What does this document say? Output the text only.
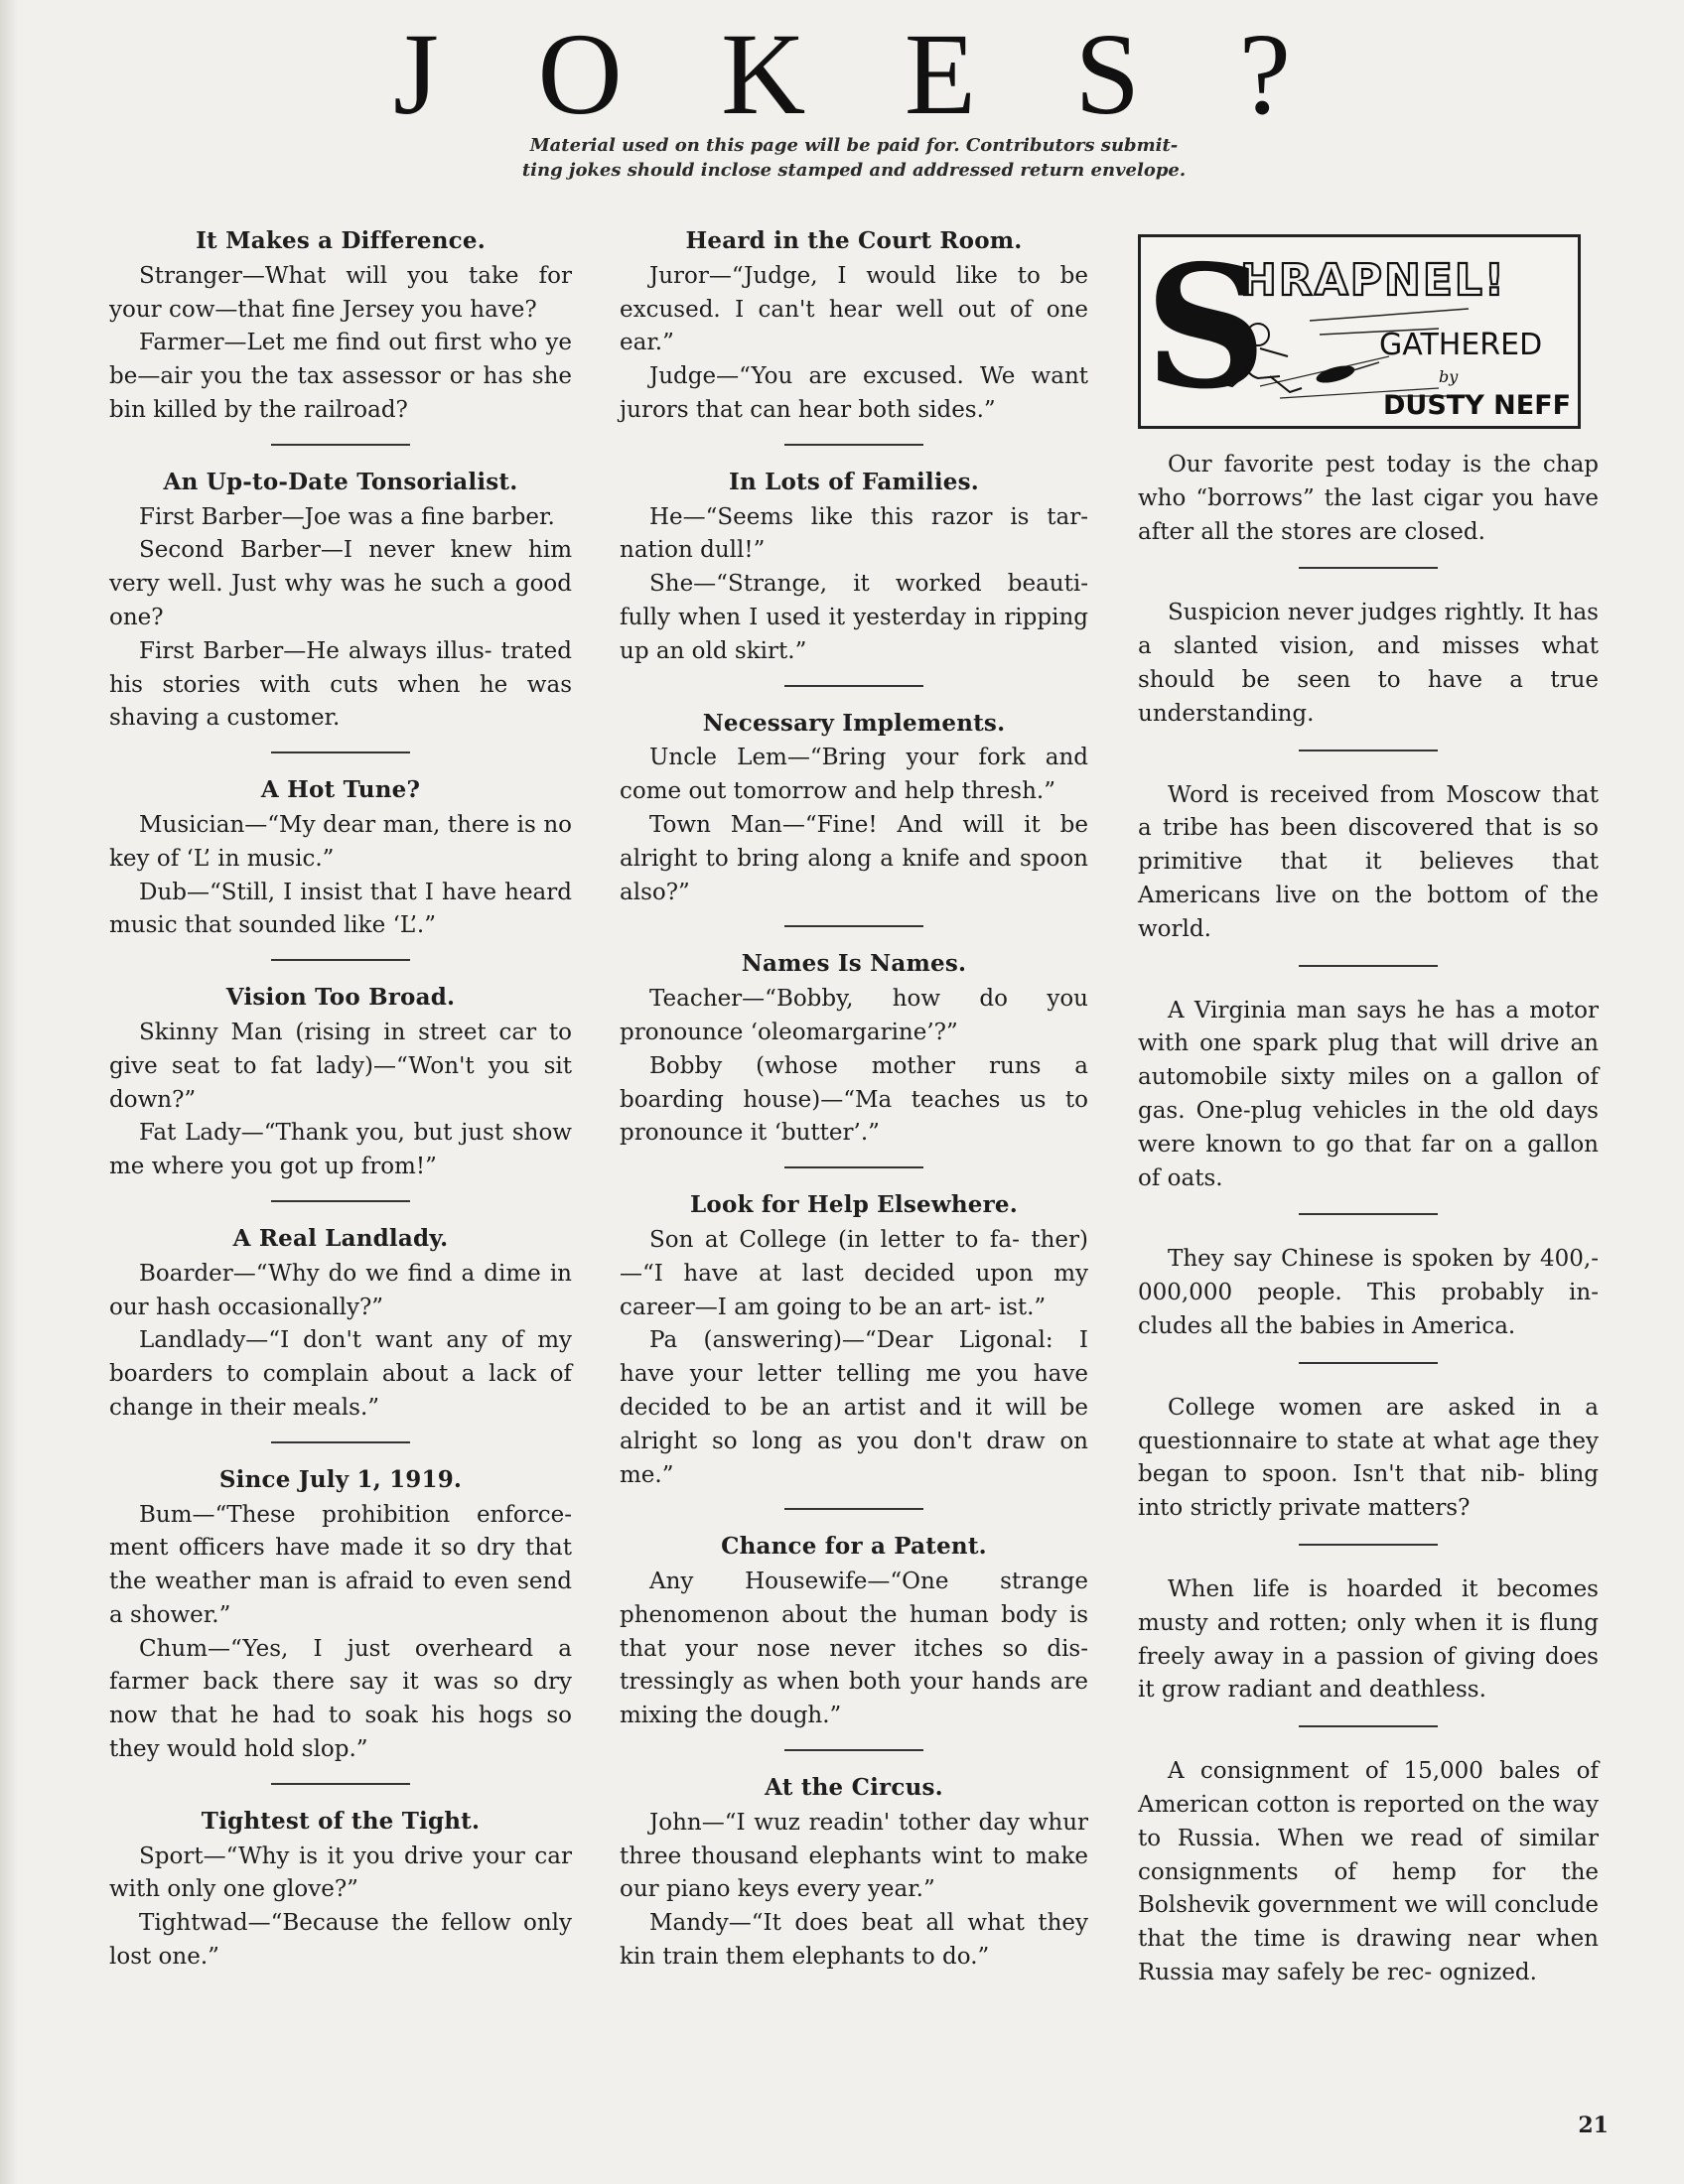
J O K E S ?
Material used on this page will be paid for. Contributors submit-
ting jokes should inclose stamped and addressed return envelope.
It Makes a Difference.

Stranger—What will you take for your cow—that fine Jersey you have?

Farmer—Let me find out first who ye be—air you the tax assessor or has she bin killed by the railroad?

An Up-to-Date Tonsorialist.

First Barber—Joe was a fine barber.

Second Barber—I never knew him very well. Just why was he such a good one?

First Barber—He always illus- trated his stories with cuts when he was shaving a customer.

A Hot Tune?

Musician—“My dear man, there is no key of ‘L’ in music.”

Dub—“Still, I insist that I have heard music that sounded like ‘L’.”

Vision Too Broad.

Skinny Man (rising in street car to give seat to fat lady)—“Won't you sit down?”

Fat Lady—“Thank you, but just show me where you got up from!”

A Real Landlady.

Boarder—“Why do we find a dime in our hash occasionally?”

Landlady—“I don't want any of my boarders to complain about a lack of change in their meals.”

Since July 1, 1919.

Bum—“These prohibition enforce- ment officers have made it so dry that the weather man is afraid to even send a shower.”

Chum—“Yes, I just overheard a farmer back there say it was so dry now that he had to soak his hogs so they would hold slop.”

Tightest of the Tight.

Sport—“Why is it you drive your car with only one glove?”

Tightwad—“Because the fellow only lost one.”

Heard in the Court Room.

Juror—“Judge, I would like to be excused. I can't hear well out of one ear.”

Judge—“You are excused. We want jurors that can hear both sides.”

In Lots of Families.

He—“Seems like this razor is tar- nation dull!”

She—“Strange, it worked beauti- fully when I used it yesterday in ripping up an old skirt.”

Necessary Implements.

Uncle Lem—“Bring your fork and come out tomorrow and help thresh.”

Town Man—“Fine! And will it be alright to bring along a knife and spoon also?”

Names Is Names.

Teacher—“Bobby, how do you pronounce ‘oleomargarine’?”

Bobby (whose mother runs a boarding house)—“Ma teaches us to pronounce it ‘butter’.”

Look for Help Elsewhere.

Son at College (in letter to fa- ther)—“I have at last decided upon my career—I am going to be an art- ist.”

Pa (answering)—“Dear Ligonal: I have your letter telling me you have decided to be an artist and it will be alright so long as you don't draw on me.”

Chance for a Patent.

Any Housewife—“One strange phenomenon about the human body is that your nose never itches so dis- tressingly as when both your hands are mixing the dough.”

At the Circus.

John—“I wuz readin' tother day whur three thousand elephants wint to make our piano keys every year.”

Mandy—“It does beat all what they kin train them elephants to do.”

S
HRAPNEL!
GATHERED
by
DUSTY NEFF

Our favorite pest today is the chap who “borrows” the last cigar you have after all the stores are closed.

Suspicion never judges rightly. It has a slanted vision, and misses what should be seen to have a true understanding.

Word is received from Moscow that a tribe has been discovered that is so primitive that it believes that Americans live on the bottom of the world.

A Virginia man says he has a motor with one spark plug that will drive an automobile sixty miles on a gallon of gas. One-plug vehicles in the old days were known to go that far on a gallon of oats.

They say Chinese is spoken by 400,- 000,000 people. This probably in- cludes all the babies in America.

College women are asked in a questionnaire to state at what age they began to spoon. Isn't that nib- bling into strictly private matters?

When life is hoarded it becomes musty and rotten; only when it is flung freely away in a passion of giving does it grow radiant and deathless.

A consignment of 15,000 bales of American cotton is reported on the way to Russia. When we read of similar consignments of hemp for the Bolshevik government we will conclude that the time is drawing near when Russia may safely be rec- ognized.

21
